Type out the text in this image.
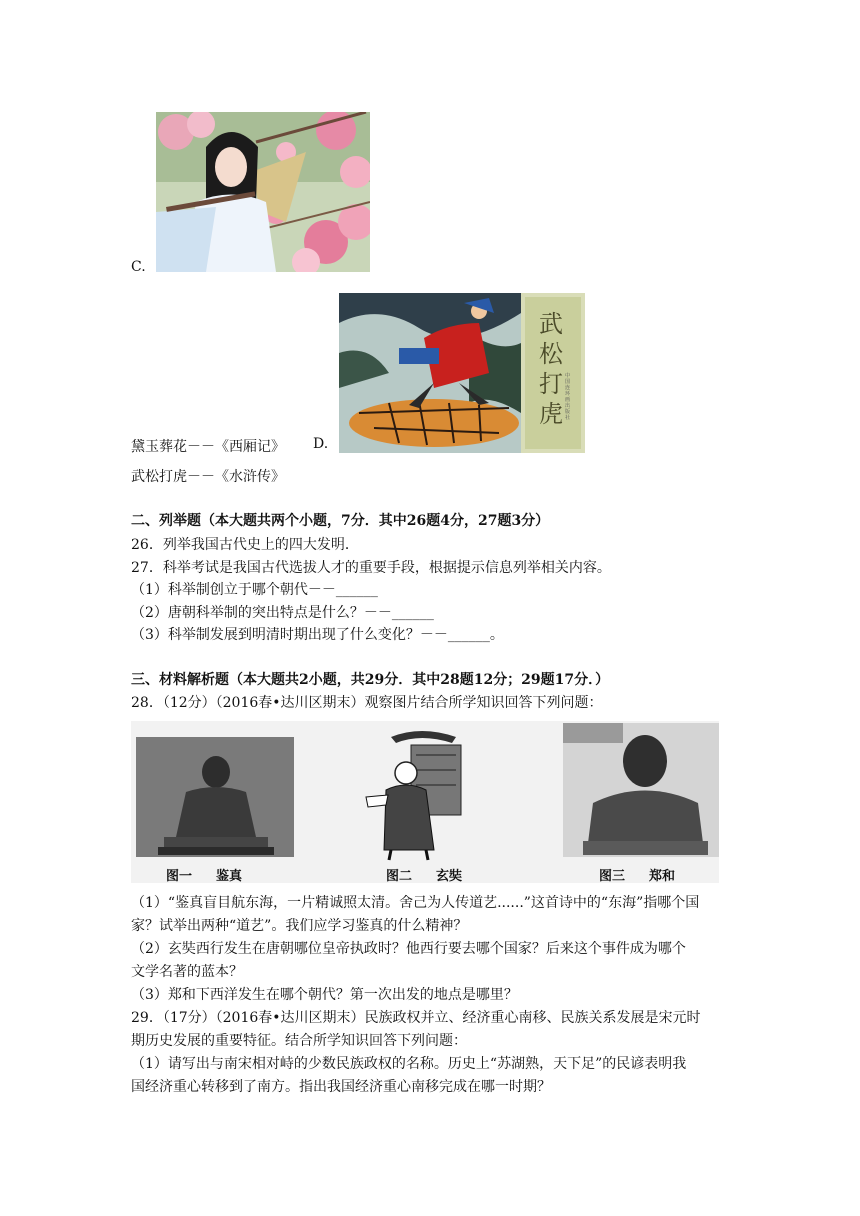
C.
武松打虎
中国连环画出版社
黛玉葬花－－《西厢记》 D.
武松打虎－－《水浒传》
二、列举题（本大题共两个小题，7分．其中26题4分，27题3分）
26．列举我国古代史上的四大发明．
27．科举考试是我国古代选拔人才的重要手段，根据提示信息列举相关内容。
（1）科举制创立于哪个朝代－－______
（2）唐朝科举制的突出特点是什么？－－______
（3）科举制发展到明清时期出现了什么变化？－－______。
三、材料解析题（本大题共2小题，共29分．其中28题12分；29题17分．）
28．（12分）（2016春•达川区期末）观察图片结合所学知识回答下列问题：
图一 鉴真	图二 玄奘	图三 郑和
（1）“鉴真盲目航东海，一片精诚照太清。舍己为人传道艺......”这首诗中的“东海”指哪个国
家？试举出两种“道艺”。我们应学习鉴真的什么精神？
（2）玄奘西行发生在唐朝哪位皇帝执政时？他西行要去哪个国家？后来这个事件成为哪个
文学名著的蓝本？
（3）郑和下西洋发生在哪个朝代？第一次出发的地点是哪里？
29．（17分）（2016春•达川区期末）民族政权并立、经济重心南移、民族关系发展是宋元时
期历史发展的重要特征。结合所学知识回答下列问题：
（1）请写出与南宋相对峙的少数民族政权的名称。历史上“苏湖熟，天下足”的民谚表明我
国经济重心转移到了南方。指出我国经济重心南移完成在哪一时期？
